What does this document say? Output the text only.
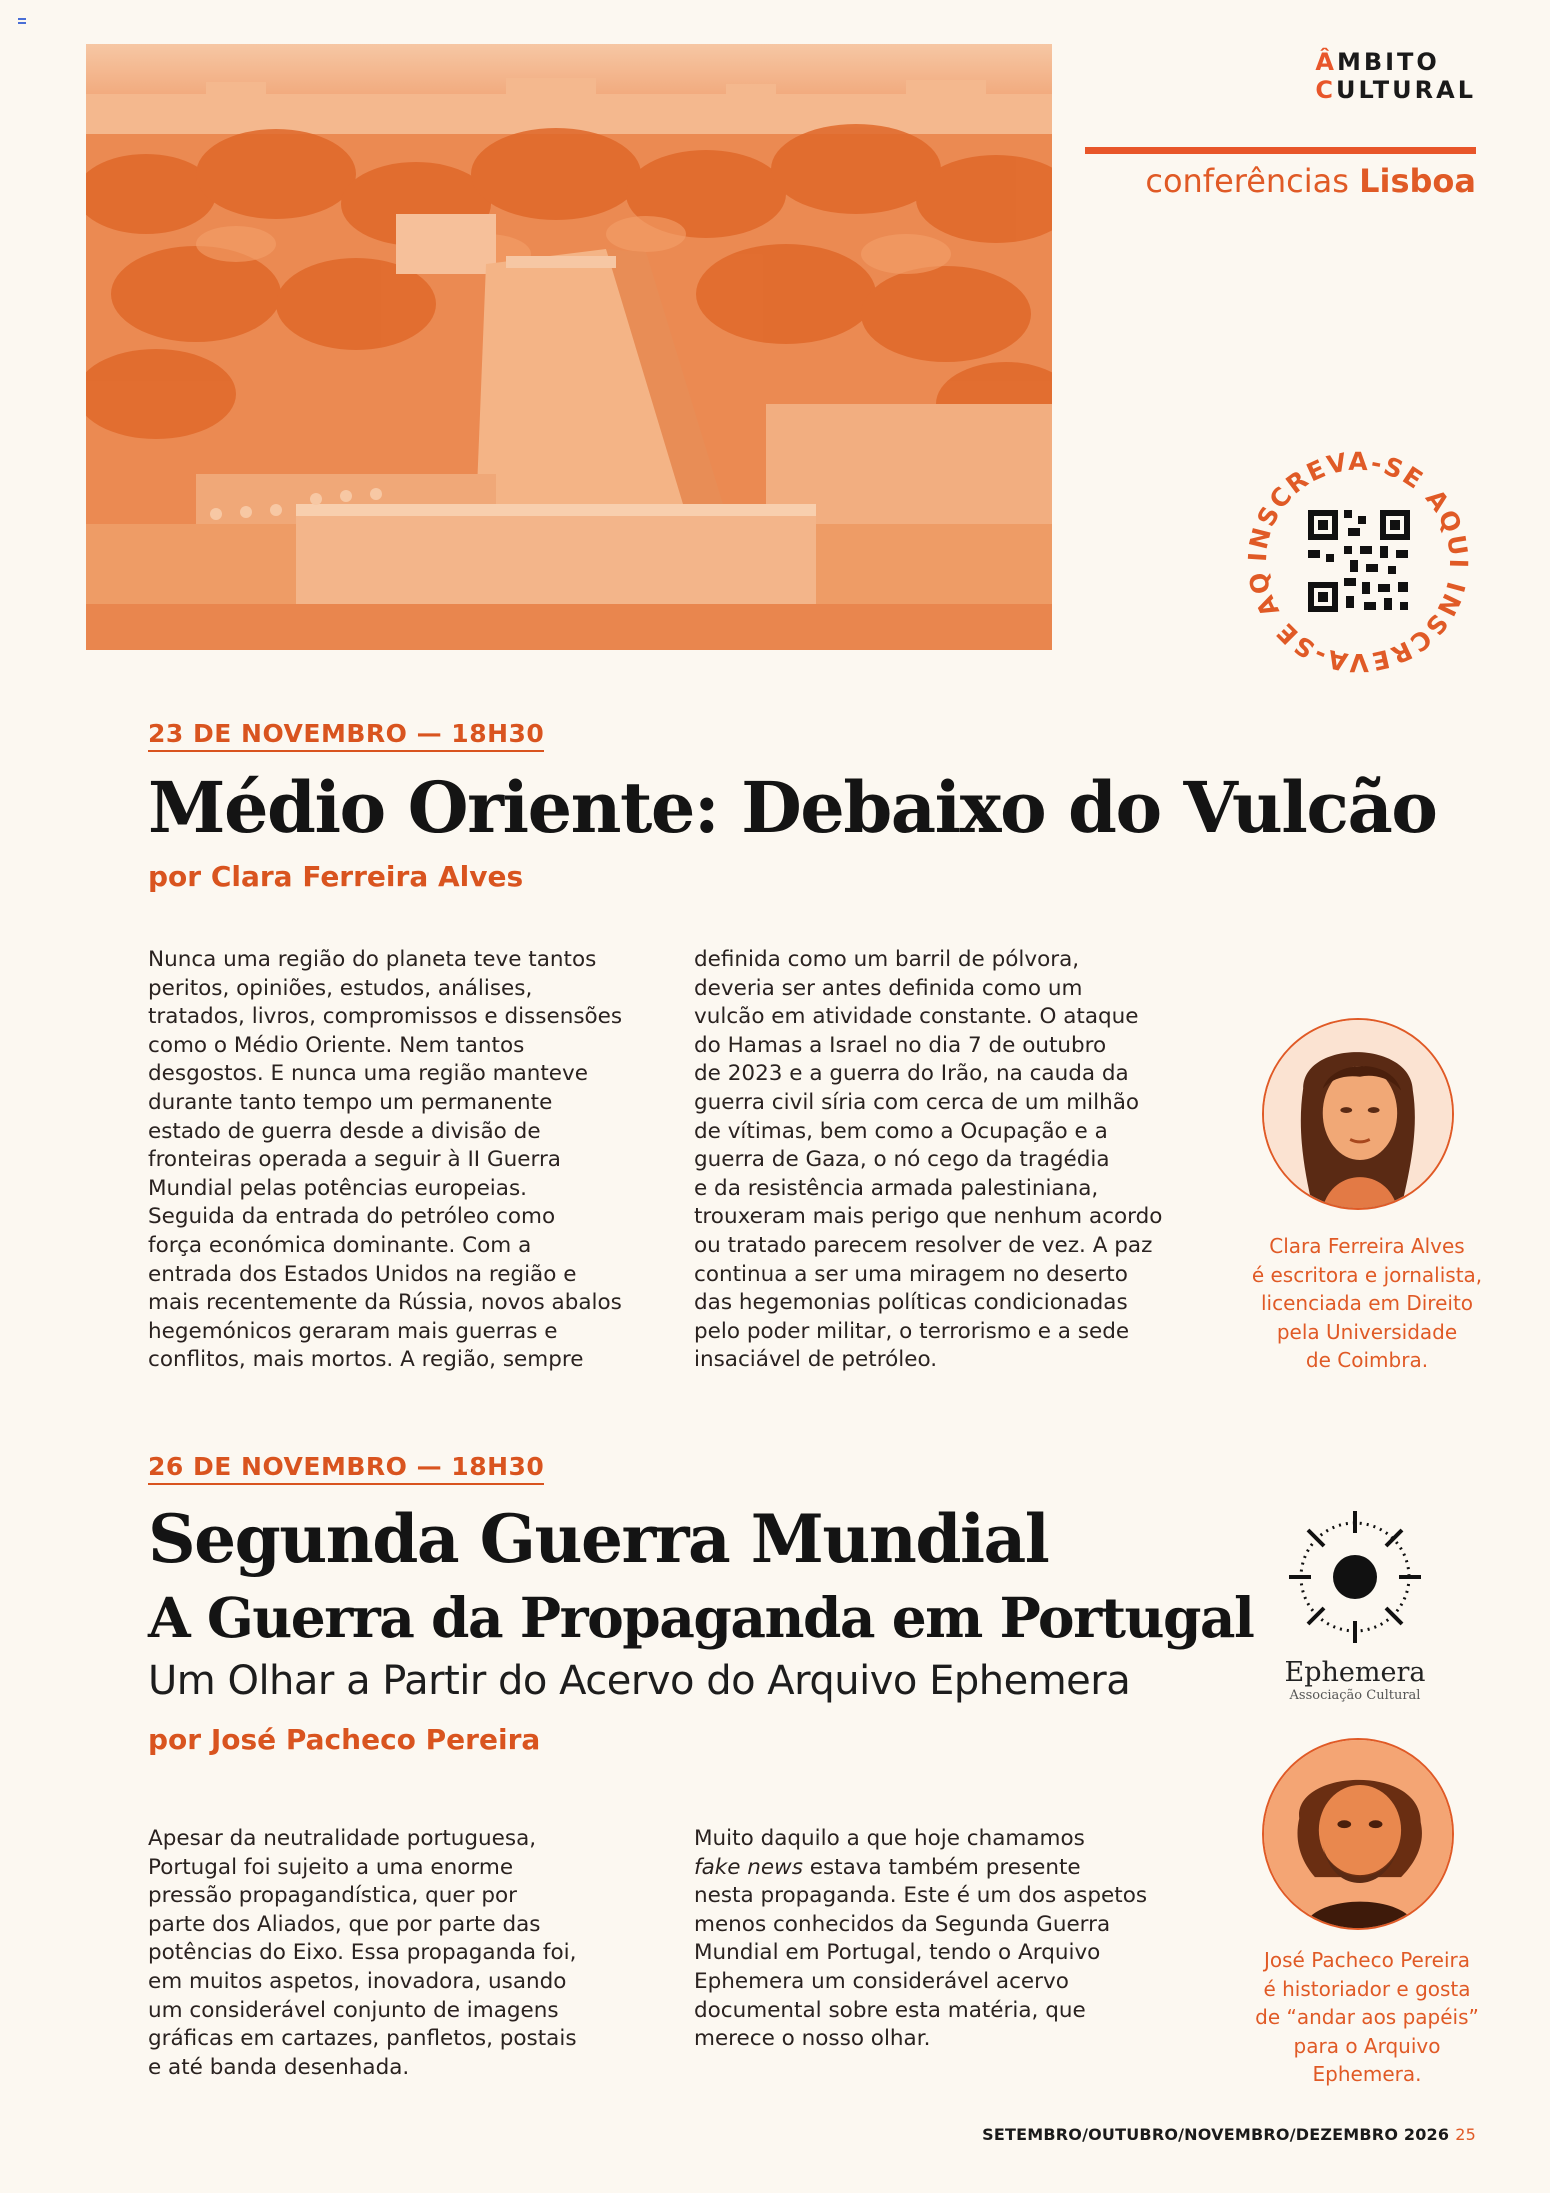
ÂMBITO
CULTURAL
conferências Lisboa
INSCREVA-SE AQUI INSCREVA-SE AQ
23 DE NOVEMBRO — 18H30
Médio Oriente: Debaixo do Vulcão
por Clara Ferreira Alves
Nunca uma região do planeta teve tantos
peritos, opiniões, estudos, análises,
tratados, livros, compromissos e dissensões
como o Médio Oriente. Nem tantos
desgostos. E nunca uma região manteve
durante tanto tempo um permanente
estado de guerra desde a divisão de
fronteiras operada a seguir à II Guerra
Mundial pelas potências europeias.
Seguida da entrada do petróleo como
força económica dominante. Com a
entrada dos Estados Unidos na região e
mais recentemente da Rússia, novos abalos
hegemónicos geraram mais guerras e
conflitos, mais mortos. A região, sempre
definida como um barril de pólvora,
deveria ser antes definida como um
vulcão em atividade constante. O ataque
do Hamas a Israel no dia 7 de outubro
de 2023 e a guerra do Irão, na cauda da
guerra civil síria com cerca de um milhão
de vítimas, bem como a Ocupação e a
guerra de Gaza, o nó cego da tragédia
e da resistência armada palestiniana,
trouxeram mais perigo que nenhum acordo
ou tratado parecem resolver de vez. A paz
continua a ser uma miragem no deserto
das hegemonias políticas condicionadas
pelo poder militar, o terrorismo e a sede
insaciável de petróleo.
Clara Ferreira Alves
é escritora e jornalista,
licenciada em Direito
pela Universidade
de Coimbra.
26 DE NOVEMBRO — 18H30
Segunda Guerra Mundial
A Guerra da Propaganda em Portugal
Um Olhar a Partir do Acervo do Arquivo Ephemera
por José Pacheco Pereira
Apesar da neutralidade portuguesa,
Portugal foi sujeito a uma enorme
pressão propagandística, quer por
parte dos Aliados, que por parte das
potências do Eixo. Essa propaganda foi,
em muitos aspetos, inovadora, usando
um considerável conjunto de imagens
gráficas em cartazes, panfletos, postais
e até banda desenhada.
Muito daquilo a que hoje chamamos
fake news estava também presente
nesta propaganda. Este é um dos aspetos
menos conhecidos da Segunda Guerra
Mundial em Portugal, tendo o Arquivo
Ephemera um considerável acervo
documental sobre esta matéria, que
merece o nosso olhar.
Ephemera
Associação Cultural
José Pacheco Pereira
é historiador e gosta
de “andar aos papéis”
para o Arquivo
Ephemera.
SETEMBRO/OUTUBRO/NOVEMBRO/DEZEMBRO 2026 25
